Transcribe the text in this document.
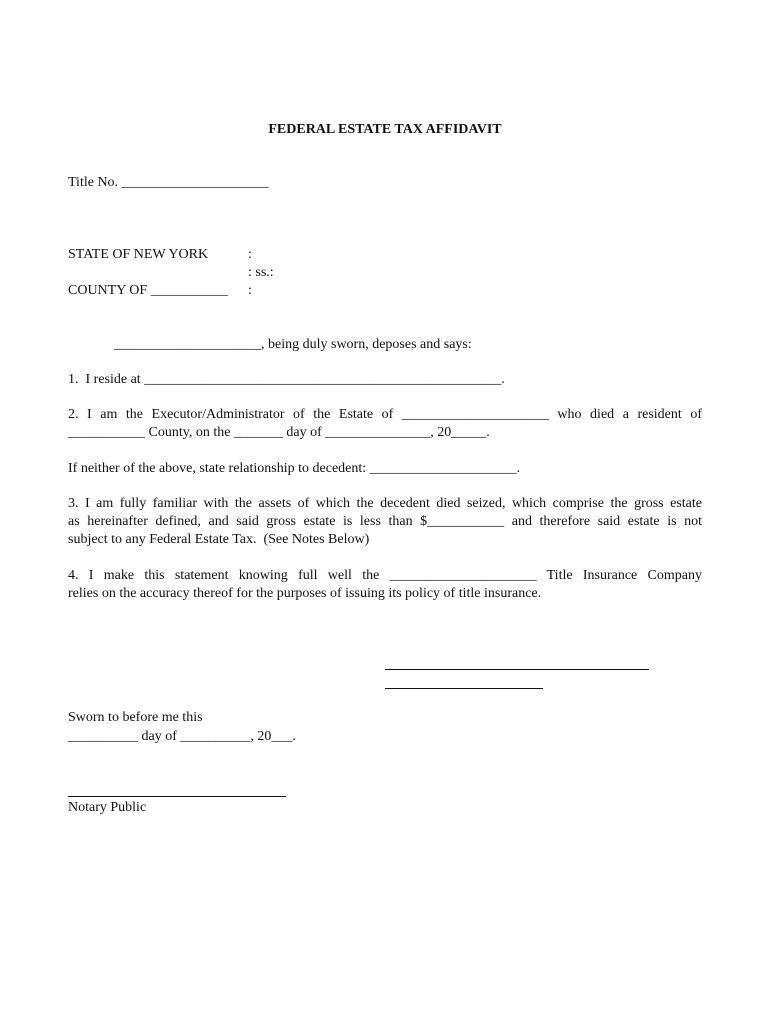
FEDERAL ESTATE TAX AFFIDAVIT
Title No. _____________________
STATE OF NEW YORK	:
: ss.:
COUNTY OF ___________ :
_____________________, being duly sworn, deposes and says:
1.  I reside at ___________________________________________________.
2. I am the Executor/Administrator of the Estate of _____________________ who died a resident of
___________ County, on the _______ day of _______________, 20_____.
If neither of the above, state relationship to decedent: _____________________.
3. I am fully familiar with the assets of which the decedent died seized, which comprise the gross estate
as hereinafter defined, and said gross estate is less than $___________ and therefore said estate is not
subject to any Federal Estate Tax.  (See Notes Below)
4. I make this statement knowing full well the _____________________ Title Insurance Company
relies on the accuracy thereof for the purposes of issuing its policy of title insurance.
Sworn to before me this
__________ day of __________, 20___.
Notary Public
